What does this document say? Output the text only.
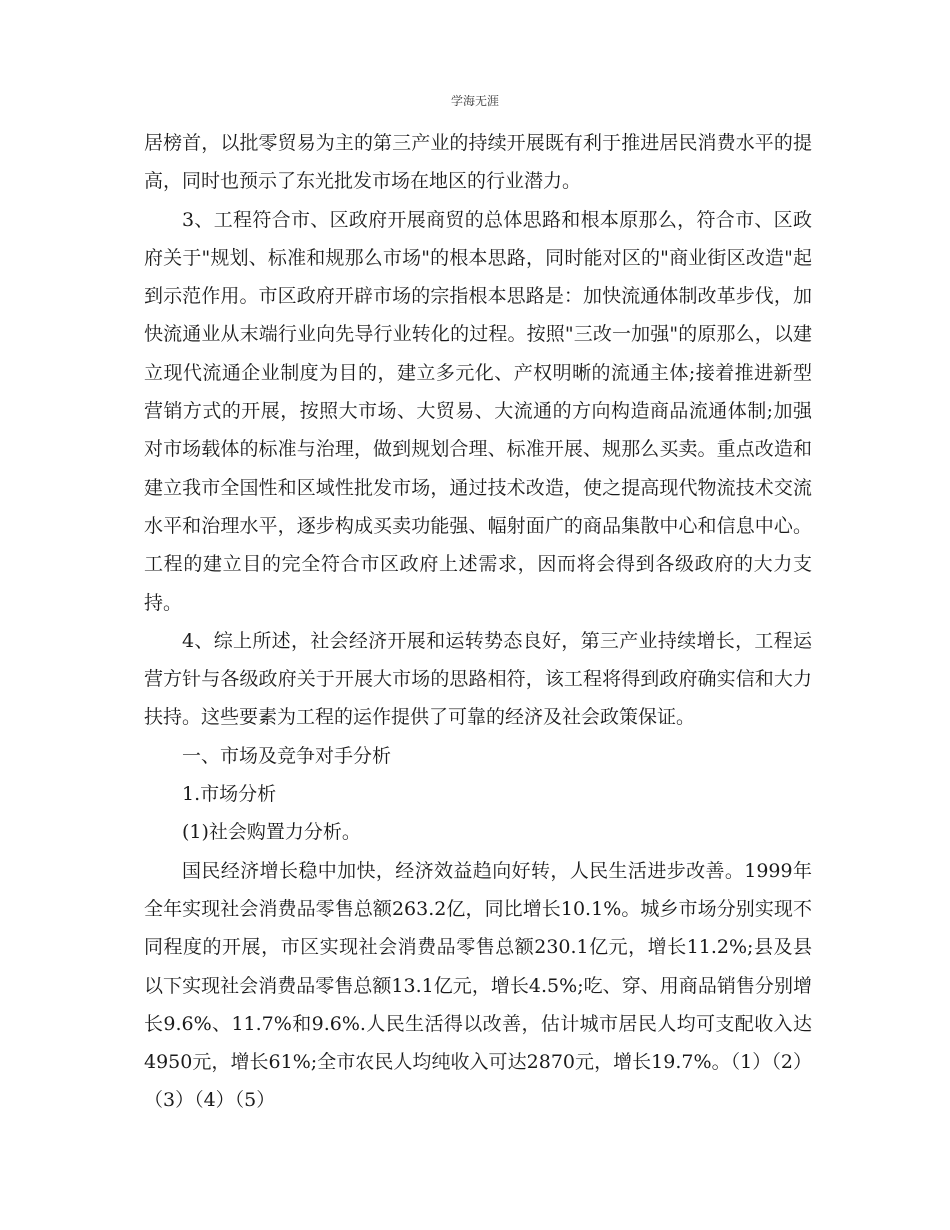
学海无涯

居榜首，以批零贸易为主的第三产业的持续开展既有利于推进居民消费水平的提高，同时也预示了东光批发市场在地区的行业潜力。

3、工程符合市、区政府开展商贸的总体思路和根本原那么，符合市、区政府关于"规划、标准和规那么市场"的根本思路，同时能对区的"商业街区改造"起到示范作用。市区政府开辟市场的宗指根本思路是：加快流通体制改革步伐，加快流通业从末端行业向先导行业转化的过程。按照"三改一加强"的原那么，以建立现代流通企业制度为目的，建立多元化、产权明晰的流通主体;接着推进新型营销方式的开展，按照大市场、大贸易、大流通的方向构造商品流通体制;加强对市场载体的标准与治理，做到规划合理、标准开展、规那么买卖。重点改造和建立我市全国性和区域性批发市场，通过技术改造，使之提高现代物流技术交流水平和治理水平，逐步构成买卖功能强、幅射面广的商品集散中心和信息中心。工程的建立目的完全符合市区政府上述需求，因而将会得到各级政府的大力支持。

4、综上所述，社会经济开展和运转势态良好，第三产业持续增长，工程运营方针与各级政府关于开展大市场的思路相符，该工程将得到政府确实信和大力扶持。这些要素为工程的运作提供了可靠的经济及社会政策保证。

一、市场及竞争对手分析

1.市场分析

(1)社会购置力分析。

国民经济增长稳中加快，经济效益趋向好转，人民生活进步改善。1999年全年实现社会消费品零售总额263.2亿，同比增长10.1%。城乡市场分别实现不同程度的开展，市区实现社会消费品零售总额230.1亿元，增长11.2%;县及县以下实现社会消费品零售总额13.1亿元，增长4.5%;吃、穿、用商品销售分别增长9.6%、11.7%和9.6%.人民生活得以改善，估计城市居民人均可支配收入达4950元，增长61%;全市农民人均纯收入可达2870元，增长19.7%。（1）（2）（3）（4）（5）
